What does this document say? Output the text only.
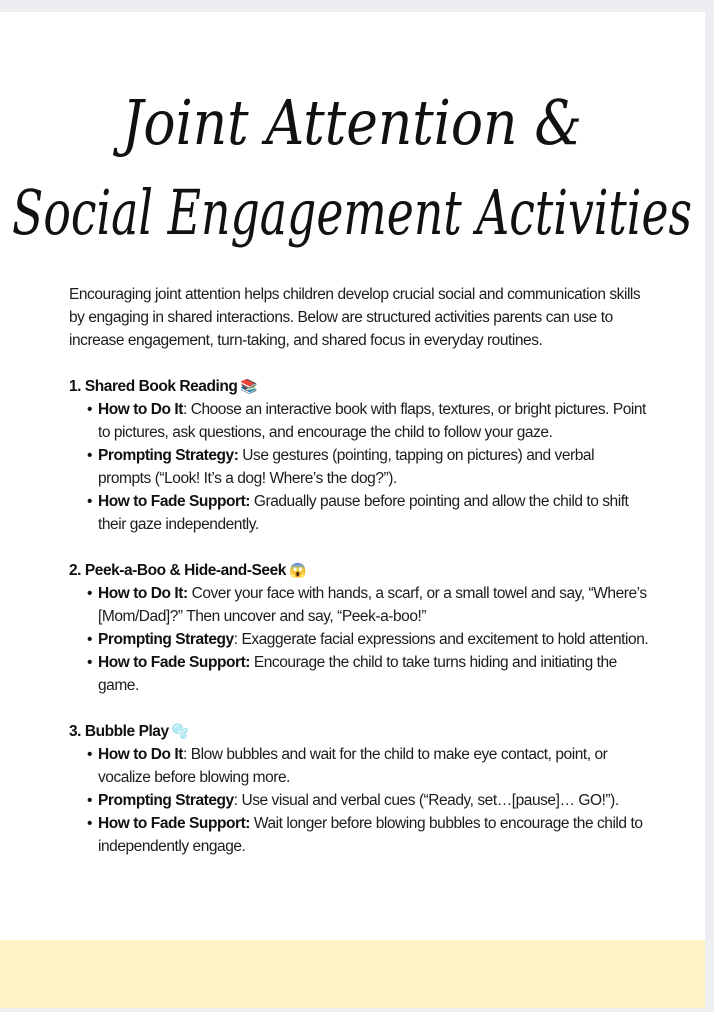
Joint Attention &
Social Engagement Activities

Encouraging joint attention helps children develop crucial social and communication skills by engaging in shared interactions. Below are structured activities parents can use to increase engagement, turn-taking, and shared focus in everyday routines.

1. Shared Book Reading 📚
• How to Do It: Choose an interactive book with flaps, textures, or bright pictures. Point to pictures, ask questions, and encourage the child to follow your gaze.
• Prompting Strategy: Use gestures (pointing, tapping on pictures) and verbal prompts (“Look! It’s a dog! Where’s the dog?”).
• How to Fade Support: Gradually pause before pointing and allow the child to shift their gaze independently.
2. Peek-a-Boo & Hide-and-Seek 😱
• How to Do It: Cover your face with hands, a scarf, or a small towel and say, “Where’s [Mom/Dad]?” Then uncover and say, “Peek-a-boo!”
• Prompting Strategy: Exaggerate facial expressions and excitement to hold attention.
• How to Fade Support: Encourage the child to take turns hiding and initiating the game.
3. Bubble Play 🫧
• How to Do It: Blow bubbles and wait for the child to make eye contact, point, or vocalize before blowing more.
• Prompting Strategy: Use visual and verbal cues (“Ready, set…[pause]… GO!”).
• How to Fade Support: Wait longer before blowing bubbles to encourage the child to independently engage.
